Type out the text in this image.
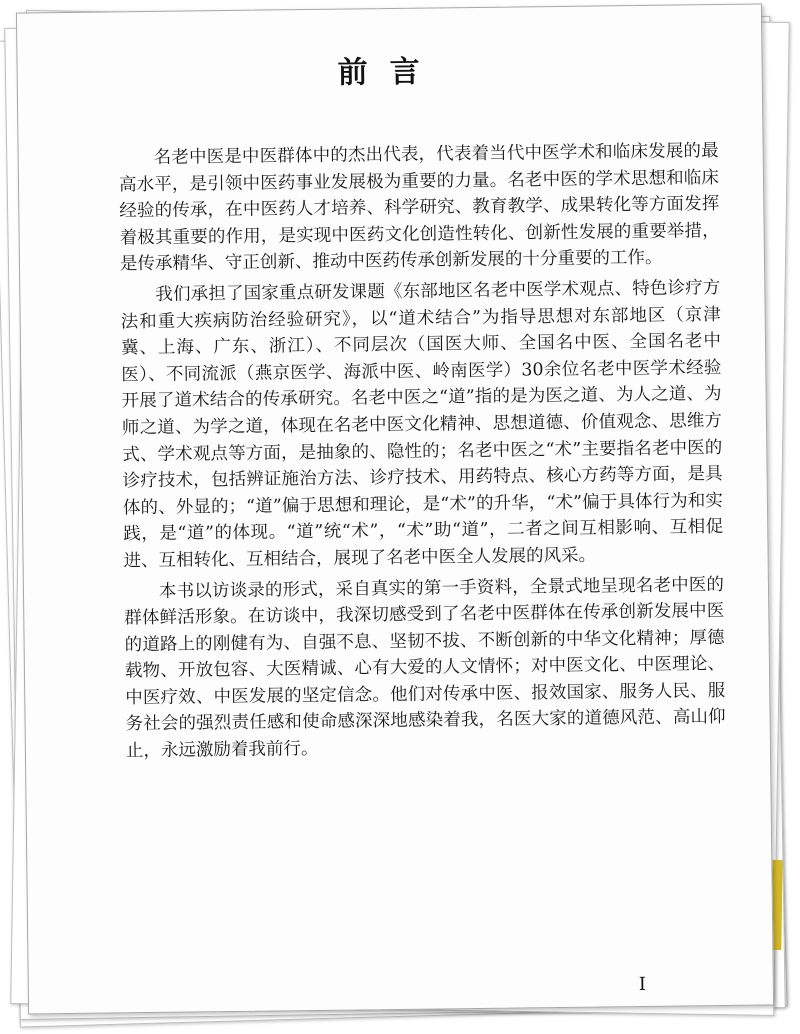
前言

名老中医是中医群体中的杰出代表，代表着当代中医学术和临床发展的最高水平，是引领中医药事业发展极为重要的力量。名老中医的学术思想和临床经验的传承，在中医药人才培养、科学研究、教育教学、成果转化等方面发挥着极其重要的作用，是实现中医药文化创造性转化、创新性发展的重要举措，是传承精华、守正创新、推动中医药传承创新发展的十分重要的工作。

我们承担了国家重点研发课题《东部地区名老中医学术观点、特色诊疗方法和重大疾病防治经验研究》，以“道术结合”为指导思想对东部地区（京津冀、上海、广东、浙江）、不同层次（国医大师、全国名中医、全国名老中医）、不同流派（燕京医学、海派中医、岭南医学）30余位名老中医学术经验开展了道术结合的传承研究。名老中医之“道”指的是为医之道、为人之道、为师之道、为学之道，体现在名老中医文化精神、思想道德、价值观念、思维方式、学术观点等方面，是抽象的、隐性的；名老中医之“术”主要指名老中医的诊疗技术，包括辨证施治方法、诊疗技术、用药特点、核心方药等方面，是具体的、外显的；“道”偏于思想和理论，是“术”的升华，“术”偏于具体行为和实践，是“道”的体现。“道”统“术”，“术”助“道”，二者之间互相影响、互相促进、互相转化、互相结合，展现了名老中医全人发展的风采。

本书以访谈录的形式，采自真实的第一手资料，全景式地呈现名老中医的群体鲜活形象。在访谈中，我深切感受到了名老中医群体在传承创新发展中医的道路上的刚健有为、自强不息、坚韧不拔、不断创新的中华文化精神；厚德载物、开放包容、大医精诚、心有大爱的人文情怀；对中医文化、中医理论、中医疗效、中医发展的坚定信念。他们对传承中医、报效国家、服务人民、服务社会的强烈责任感和使命感深深地感染着我，名医大家的道德风范、高山仰止，永远激励着我前行。

I
